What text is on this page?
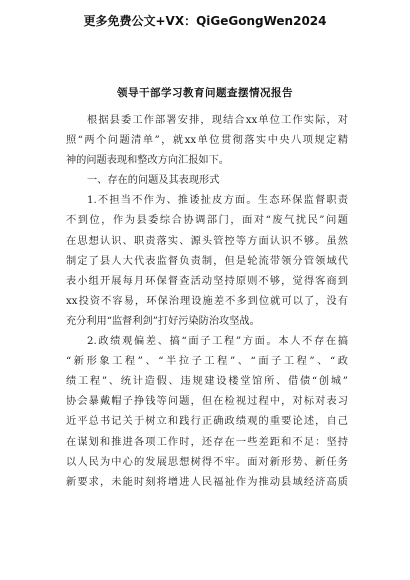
更多免费公文+VX：QiGeGongWen2024
领导干部学习教育问题查摆情况报告
根据县委工作部署安排，现结合xx单位工作实际，对
照“两个问题清单”，就xx单位贯彻落实中央八项规定精
神的问题表现和整改方向汇报如下。
一、存在的问题及其表现形式
1.不担当不作为、推诿扯皮方面。生态环保监督职责
不到位，作为县委综合协调部门，面对“废气扰民”问题
在思想认识、职责落实、源头管控等方面认识不够。虽然
制定了县人大代表监督负责制，但是轮流带领分管领域代
表小组开展每月环保督查活动坚持原则不够，觉得客商到
xx投资不容易，环保治理设施差不多到位就可以了，没有
充分利用“监督利剑”打好污染防治攻坚战。
2.政绩观偏差、搞“面子工程”方面。本人不存在搞
“新形象工程”、“半拉子工程”、“面子工程”、“政
绩工程”、统计造假、违规建设楼堂馆所、借债“创城”
协会暴戴帽子挣钱等问题，但在检视过程中，对标对表习
近平总书记关于树立和践行正确政绩观的重要论述，自己
在谋划和推进各项工作时，还存在一些差距和不足：坚持
以人民为中心的发展思想树得不牢。面对新形势、新任务
新要求，未能时刻将增进人民福祉作为推动县域经济高质
